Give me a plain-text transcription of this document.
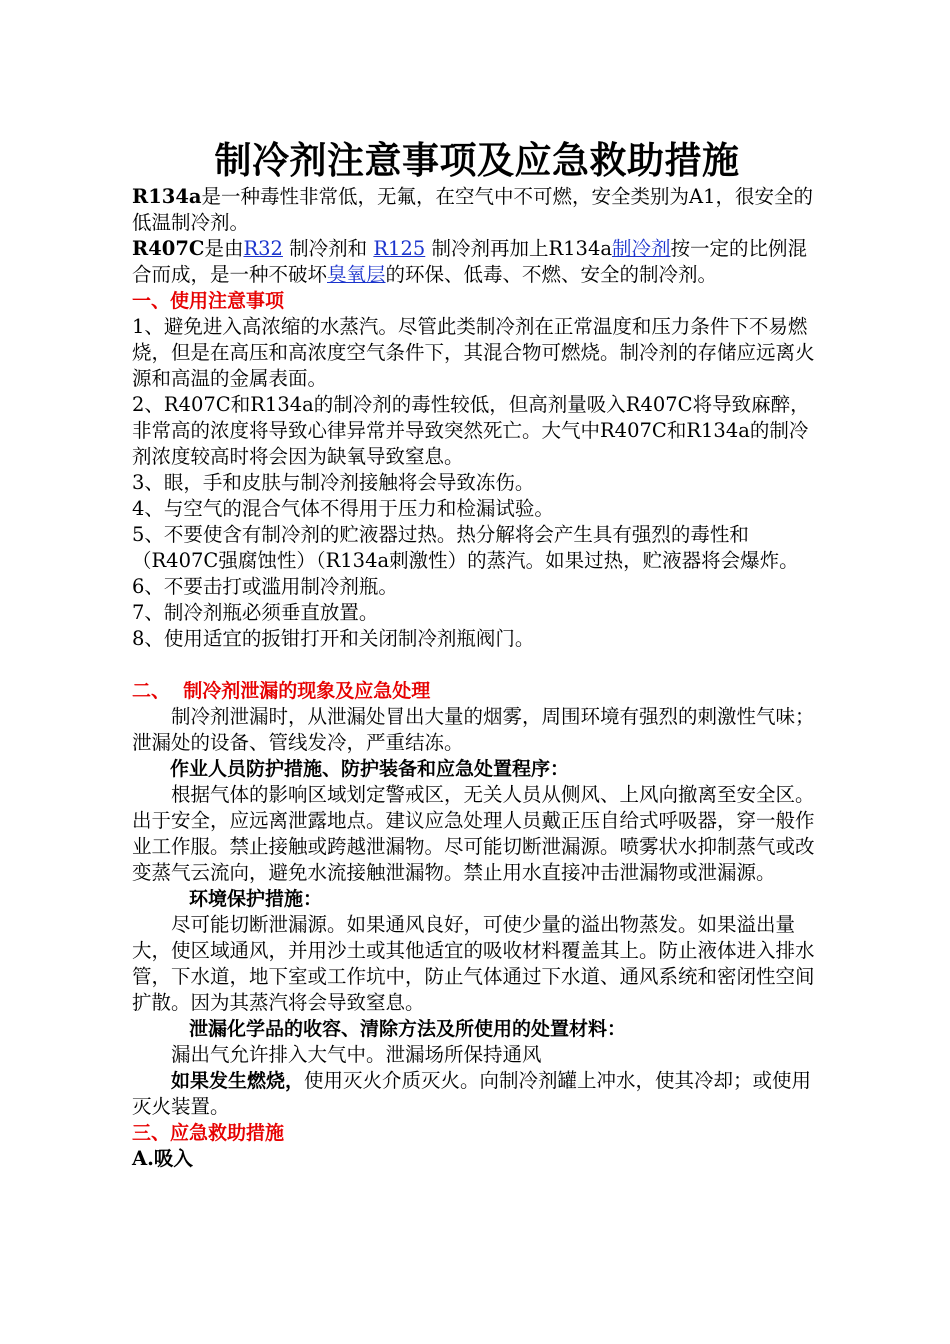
制冷剂注意事项及应急救助措施

R134a是一种毒性非常低，无氟，在空气中不可燃，安全类别为A1，很安全的低温制冷剂。

R407C是由R32 制冷剂和 R125 制冷剂再加上R134a制冷剂按一定的比例混合而成，是一种不破坏臭氧层的环保、低毒、不燃、安全的制冷剂。

一、使用注意事项

1、避免进入高浓缩的水蒸汽。尽管此类制冷剂在正常温度和压力条件下不易燃烧，但是在高压和高浓度空气条件下，其混合物可燃烧。制冷剂的存储应远离火源和高温的金属表面。

2、R407C和R134a的制冷剂的毒性较低，但高剂量吸入R407C将导致麻醉，非常高的浓度将导致心律异常并导致突然死亡。大气中R407C和R134a的制冷剂浓度较高时将会因为缺氧导致窒息。

3、眼，手和皮肤与制冷剂接触将会导致冻伤。

4、与空气的混合气体不得用于压力和检漏试验。

5、不要使含有制冷剂的贮液器过热。热分解将会产生具有强烈的毒性和（R407C强腐蚀性）（R134a刺激性）的蒸汽。如果过热，贮液器将会爆炸。

6、不要击打或滥用制冷剂瓶。

7、制冷剂瓶必须垂直放置。

8、使用适宜的扳钳打开和关闭制冷剂瓶阀门。

二、  制冷剂泄漏的现象及应急处理

制冷剂泄漏时，从泄漏处冒出大量的烟雾，周围环境有强烈的刺激性气味；泄漏处的设备、管线发冷，严重结冻。

作业人员防护措施、防护装备和应急处置程序：

根据气体的影响区域划定警戒区，无关人员从侧风、上风向撤离至安全区。出于安全，应远离泄露地点。建议应急处理人员戴正压自给式呼吸器，穿一般作业工作服。禁止接触或跨越泄漏物。尽可能切断泄漏源。喷雾状水抑制蒸气或改变蒸气云流向，避免水流接触泄漏物。禁止用水直接冲击泄漏物或泄漏源。

环境保护措施：

尽可能切断泄漏源。如果通风良好，可使少量的溢出物蒸发。如果溢出量大，使区域通风，并用沙土或其他适宜的吸收材料覆盖其上。防止液体进入排水管，下水道，地下室或工作坑中，防止气体通过下水道、通风系统和密闭性空间扩散。因为其蒸汽将会导致窒息。

泄漏化学品的收容、清除方法及所使用的处置材料：

漏出气允许排入大气中。泄漏场所保持通风

如果发生燃烧，使用灭火介质灭火。向制冷剂罐上冲水，使其冷却；或使用灭火装置。

三、应急救助措施

A.吸入
